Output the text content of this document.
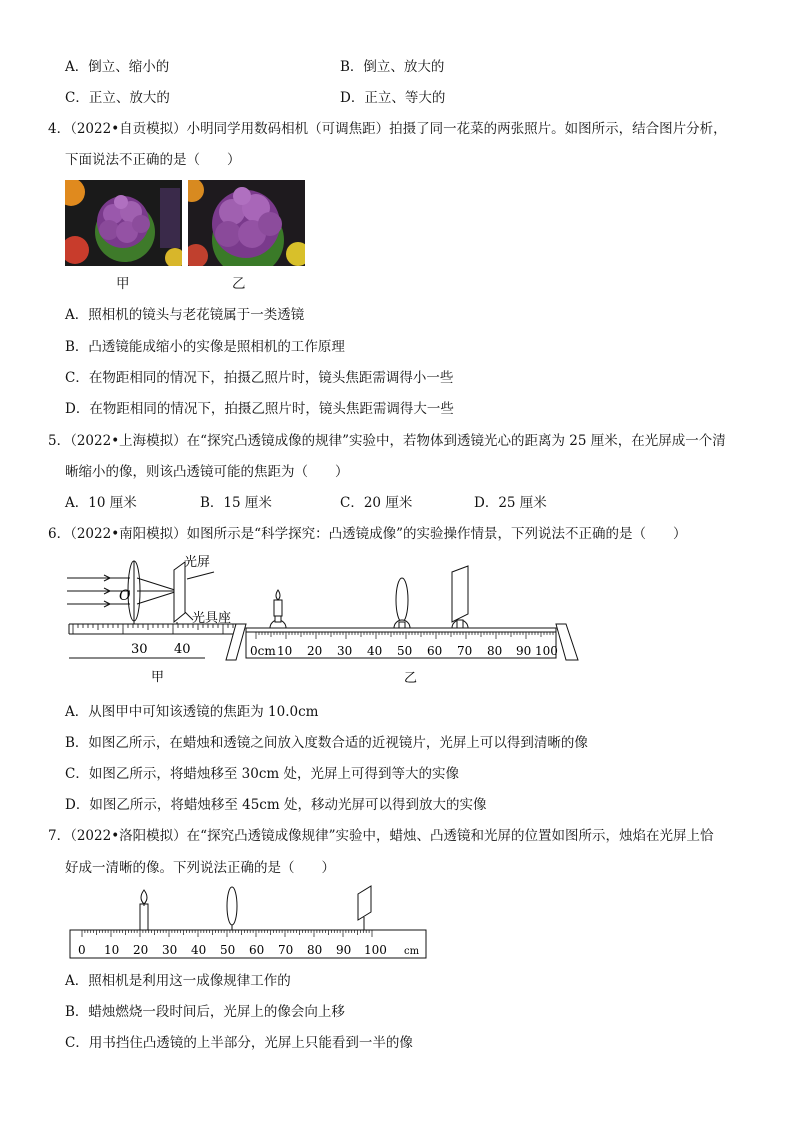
A．倒立、缩小的	B．倒立、放大的
C．正立、放大的	D．正立、等大的
4．（2022•自贡模拟）小明同学用数码相机（可调焦距）拍摄了同一花菜的两张照片。如图所示，结合图片分析，
下面说法不正确的是（　　）
甲	乙
A．照相机的镜头与老花镜属于一类透镜
B．凸透镜能成缩小的实像是照相机的工作原理
C．在物距相同的情况下，拍摄乙照片时，镜头焦距需调得小一些
D．在物距相同的情况下，拍摄乙照片时，镜头焦距需调得大一些
5．（2022•上海模拟）在“探究凸透镜成像的规律”实验中，若物体到透镜光心的距离为 25 厘米，在光屏成一个清
晰缩小的像，则该凸透镜可能的焦距为（　　）
A．10 厘米	B．15 厘米	C．20 厘米	D．25 厘米
6．（2022•南阳模拟）如图所示是“科学探究：凸透镜成像”的实验操作情景，下列说法不正确的是（　　）
O
光屏
光具座
30 40
甲
0cm 10 20 30 40 50 60 70 80 90 100
乙
A．从图甲中可知该透镜的焦距为 10.0cm
B．如图乙所示，在蜡烛和透镜之间放入度数合适的近视镜片，光屏上可以得到清晰的像
C．如图乙所示，将蜡烛移至 30cm 处，光屏上可得到等大的实像
D．如图乙所示，将蜡烛移至 45cm 处，移动光屏可以得到放大的实像
7．（2022•洛阳模拟）在“探究凸透镜成像规律”实验中，蜡烛、凸透镜和光屏的位置如图所示，烛焰在光屏上恰
好成一清晰的像。下列说法正确的是（　　）
0 10 20 30 40 50 60 70 80 90 100 cm
A．照相机是利用这一成像规律工作的
B．蜡烛燃烧一段时间后，光屏上的像会向上移
C．用书挡住凸透镜的上半部分，光屏上只能看到一半的像
